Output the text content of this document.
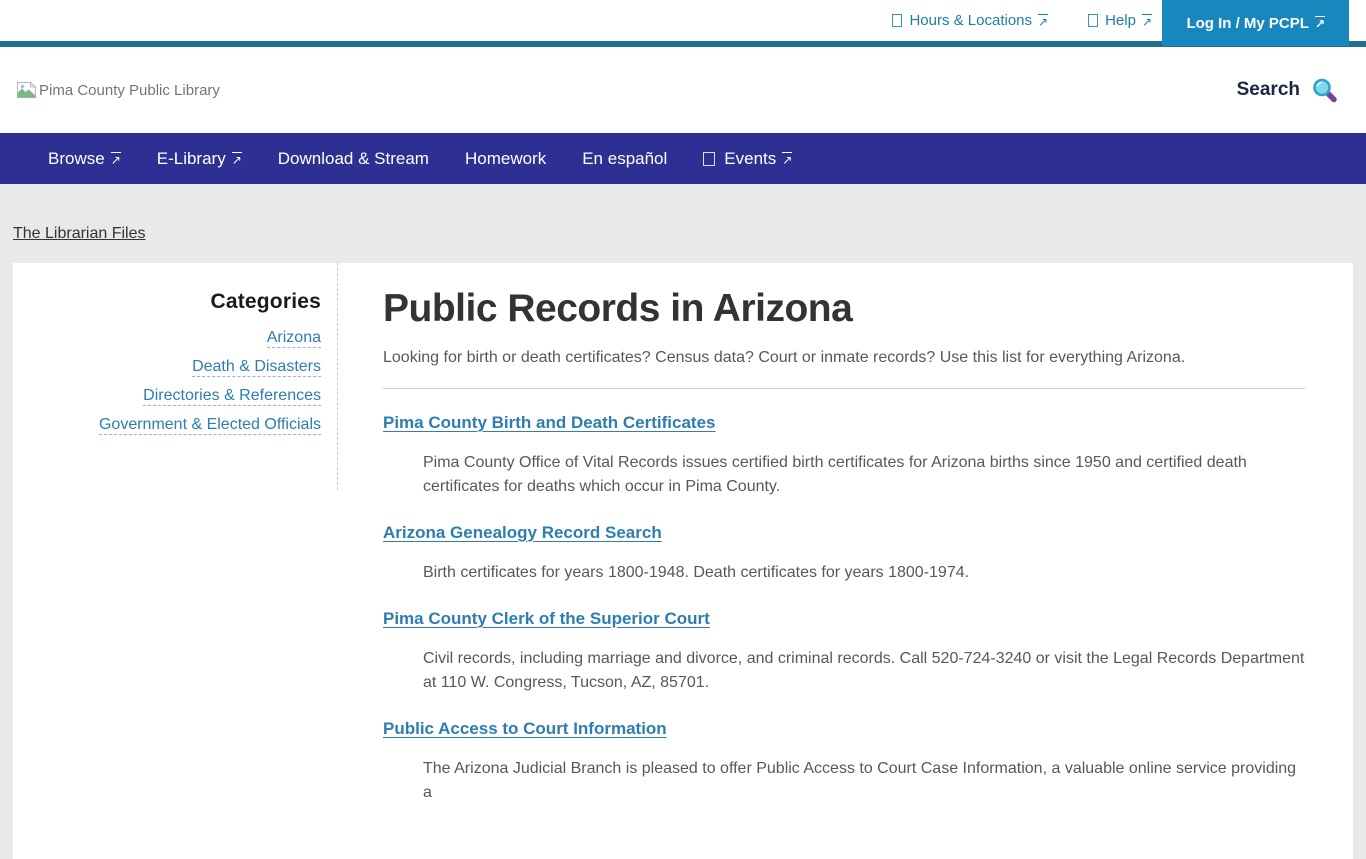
Hours & Locations ↗	Help ↗ Log In / My PCPL ↗
Pima County Public Library	Search
Browse ↗ E-Library ↗ Download & Stream Homework En español	Events ↗
The Librarian Files
Categories
Arizona
Death & Disasters
Directories & References
Government & Elected Officials
Public Records in Arizona

Looking for birth or death certificates? Census data? Court or inmate records? Use this list for everything Arizona.

Pima County Birth and Death Certificates

Pima County Office of Vital Records issues certified birth certificates for Arizona births since 1950 and certified death certificates for deaths which occur in Pima County.

Arizona Genealogy Record Search

Birth certificates for years 1800-1948. Death certificates for years 1800-1974.

Pima County Clerk of the Superior Court

Civil records, including marriage and divorce, and criminal records. Call 520-724-3240 or visit the Legal Records Department at 110 W. Congress, Tucson, AZ, 85701.

Public Access to Court Information

The Arizona Judicial Branch is pleased to offer Public Access to Court Case Information, a valuable online service providing a
